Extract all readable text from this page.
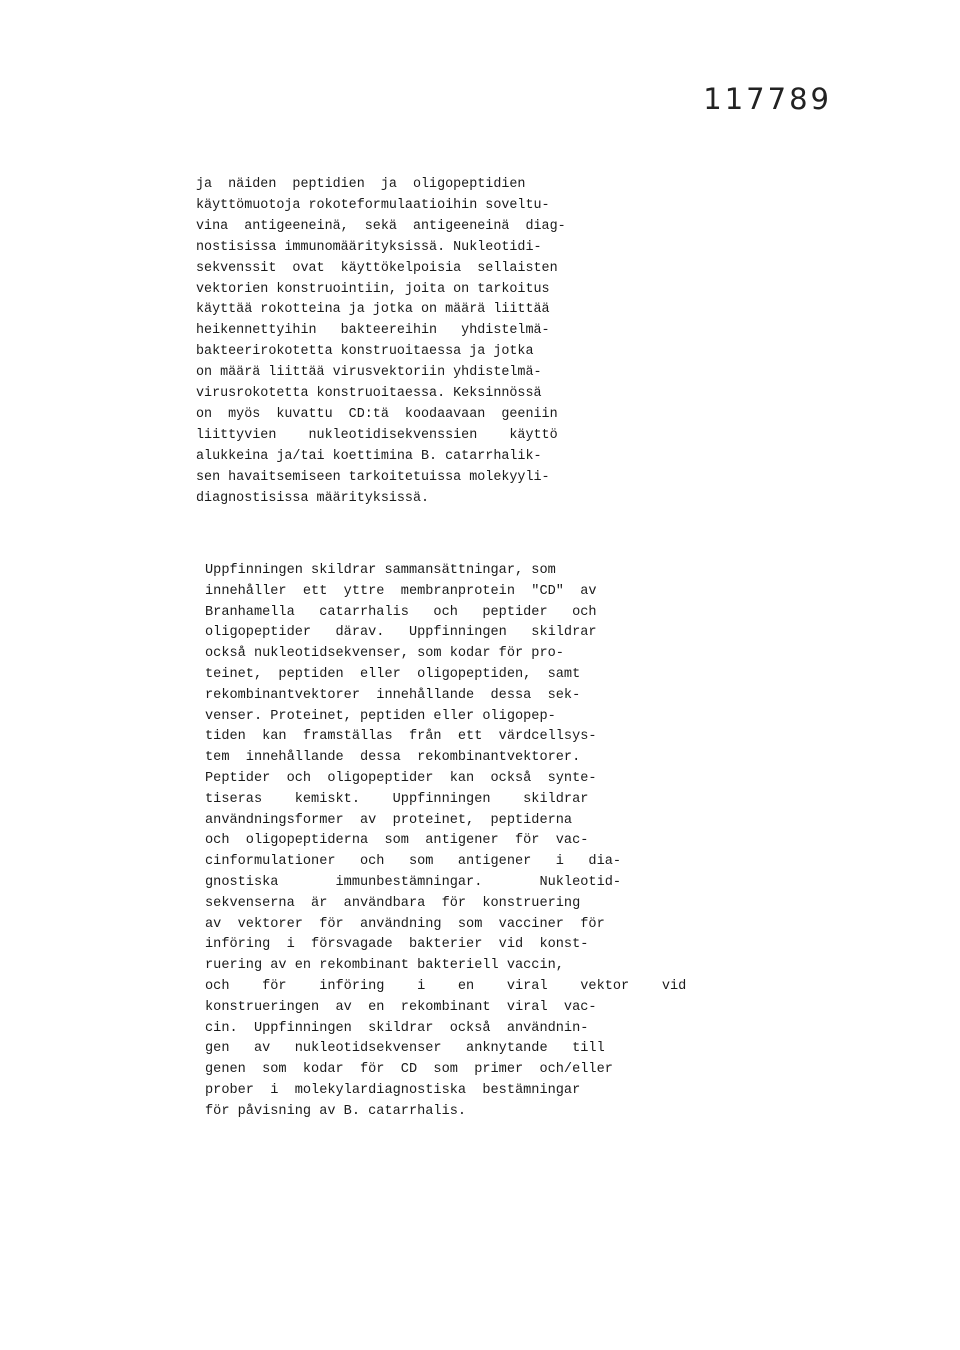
117789
ja  näiden  peptidien  ja  oligopeptidien
käyttömuotoja rokoteformulaatioihin soveltu-
vina  antigeeneinä,  sekä  antigeeneinä  diag-
nostisissa immunomäärityksissä. Nukleotidi-
sekvenssit  ovat  käyttökelpoisia  sellaisten
vektorien konstruointiin, joita on tarkoitus
käyttää rokotteina ja jotka on määrä liittää
heikennettyihin   bakteereihin   yhdistelmä-
bakteerirokotetta konstruoitaessa ja jotka
on määrä liittää virusvektoriin yhdistelmä-
virusrokotetta konstruoitaessa. Keksinnössä
on  myös  kuvattu  CD:tä  koodaavaan  geeniin
liittyvien    nukleotidisekvenssien    käyttö
alukkeina ja/tai koettimina B. catarrhalik-
sen havaitsemiseen tarkoitetuissa molekyyli-
diagnostisissa määrityksissä.
Uppfinningen skildrar sammansättningar, som
innehåller  ett  yttre  membranprotein  "CD"  av
Branhamella   catarrhalis   och   peptider   och
oligopeptider   därav.   Uppfinningen   skildrar
också nukleotidsekvenser, som kodar för pro-
teinet,  peptiden  eller  oligopeptiden,  samt
rekombinantvektorer  innehållande  dessa  sek-
venser. Proteinet, peptiden eller oligopep-
tiden  kan  framställas  från  ett  värdcellsys-
tem  innehållande  dessa  rekombinantvektorer.
Peptider  och  oligopeptider  kan  också  synte-
tiseras    kemiskt.    Uppfinningen    skildrar
användningsformer  av  proteinet,  peptiderna
och  oligopeptiderna  som  antigener  för  vac-
cinformulationer   och   som   antigener   i   dia-
gnostiska       immunbestämningar.       Nukleotid-
sekvenserna  är  användbara  för  konstruering
av  vektorer  för  användning  som  vacciner  för
införing  i  försvagade  bakterier  vid  konst-
ruering av en rekombinant bakteriell vaccin,
och    för    införing    i    en    viral    vektor    vid
konstrueringen  av  en  rekombinant  viral  vac-
cin.  Uppfinningen  skildrar  också  användnin-
gen   av   nukleotidsekvenser   anknytande   till
genen  som  kodar  för  CD  som  primer  och/eller
prober  i  molekylardiagnostiska  bestämningar
för påvisning av B. catarrhalis.
